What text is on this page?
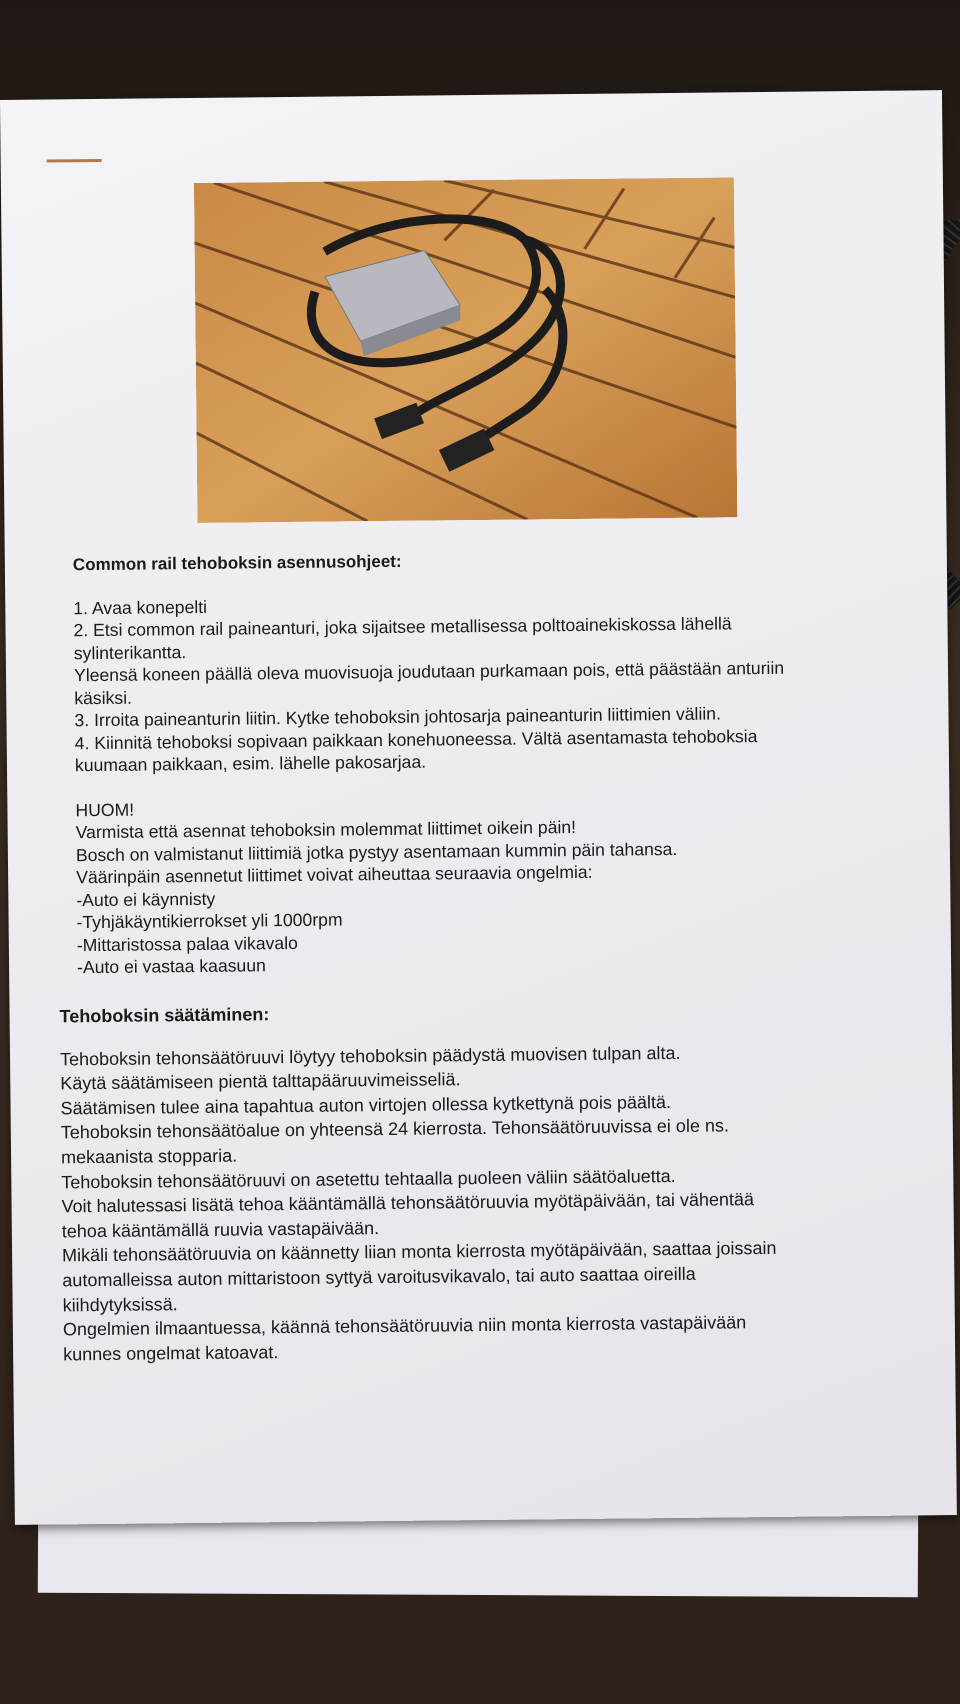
Common rail tehoboksin asennusohjeet:

1. Avaa konepelti

2. Etsi common rail paineanturi, joka sijaitsee metallisessa polttoainekiskossa lähellä

sylinterikantta.

Yleensä koneen päällä oleva muovisuoja joudutaan purkamaan pois, että päästään anturiin

käsiksi.

3. Irroita paineanturin liitin. Kytke tehoboksin johtosarja paineanturin liittimien väliin.

4. Kiinnitä tehoboksi sopivaan paikkaan konehuoneessa. Vältä asentamasta tehoboksia

kuumaan paikkaan, esim. lähelle pakosarjaa.

HUOM!

Varmista että asennat tehoboksin molemmat liittimet oikein päin!

Bosch on valmistanut liittimiä jotka pystyy asentamaan kummin päin tahansa.

Väärinpäin asennetut liittimet voivat aiheuttaa seuraavia ongelmia:

-Auto ei käynnisty

-Tyhjäkäyntikierrokset yli 1000rpm

-Mittaristossa palaa vikavalo

-Auto ei vastaa kaasuun

Tehoboksin säätäminen:

Tehoboksin tehonsäätöruuvi löytyy tehoboksin päädystä muovisen tulpan alta.

Käytä säätämiseen pientä talttapääruuvimeisseliä.

Säätämisen tulee aina tapahtua auton virtojen ollessa kytkettynä pois päältä.

Tehoboksin tehonsäätöalue on yhteensä 24 kierrosta. Tehonsäätöruuvissa ei ole ns.

mekaanista stopparia.

Tehoboksin tehonsäätöruuvi on asetettu tehtaalla puoleen väliin säätöaluetta.

Voit halutessasi lisätä tehoa kääntämällä tehonsäätöruuvia myötäpäivään, tai vähentää

tehoa kääntämällä ruuvia vastapäivään.

Mikäli tehonsäätöruuvia on käännetty liian monta kierrosta myötäpäivään, saattaa joissain

automalleissa auton mittaristoon syttyä varoitusvikavalo, tai auto saattaa oireilla

kiihdytyksissä.

Ongelmien ilmaantuessa, käännä tehonsäätöruuvia niin monta kierrosta vastapäivään

kunnes ongelmat katoavat.
